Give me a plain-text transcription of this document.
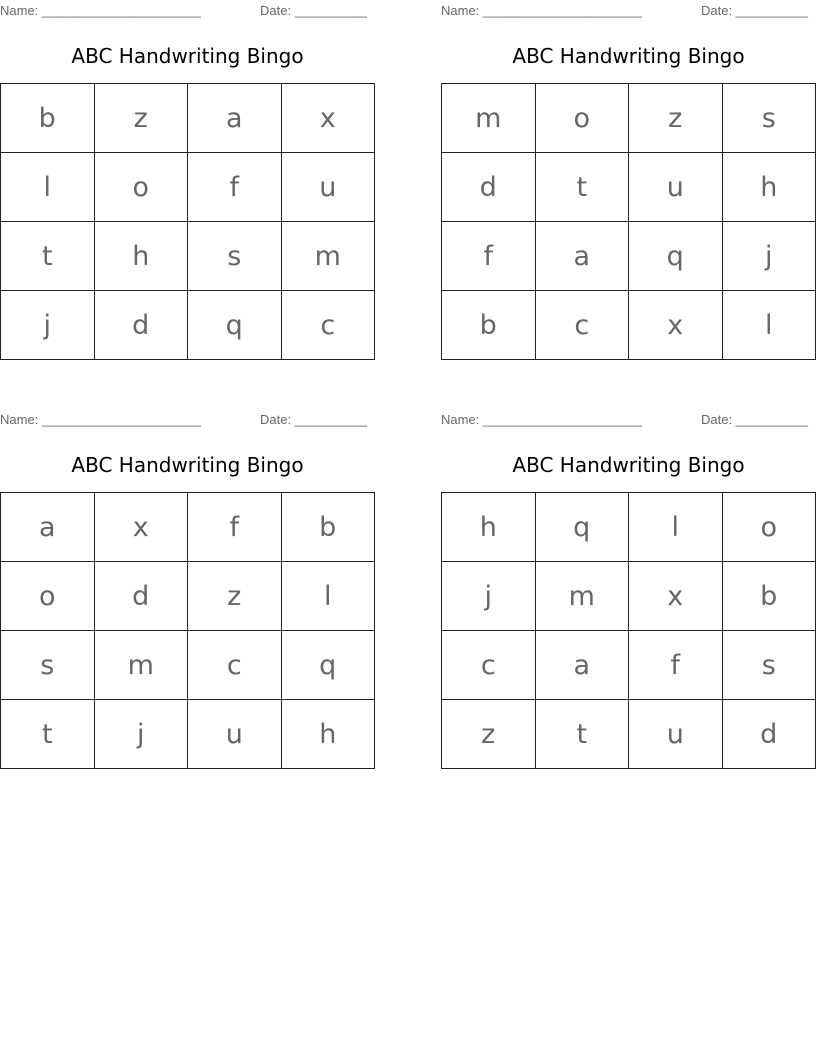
Name: ______________________	Date: __________
ABC Handwriting Bingo
b	z	a	x
l	o	f	u
t	h	s	m
j	d	q	c
Name: ______________________	Date: __________
ABC Handwriting Bingo
m	o	z	s
d	t	u	h
f	a	q	j
b	c	x	l
Name: ______________________	Date: __________
ABC Handwriting Bingo
a	x	f	b
o	d	z	l
s	m	c	q
t	j	u	h
Name: ______________________	Date: __________
ABC Handwriting Bingo
h	q	l	o
j	m	x	b
c	a	f	s
z	t	u	d
